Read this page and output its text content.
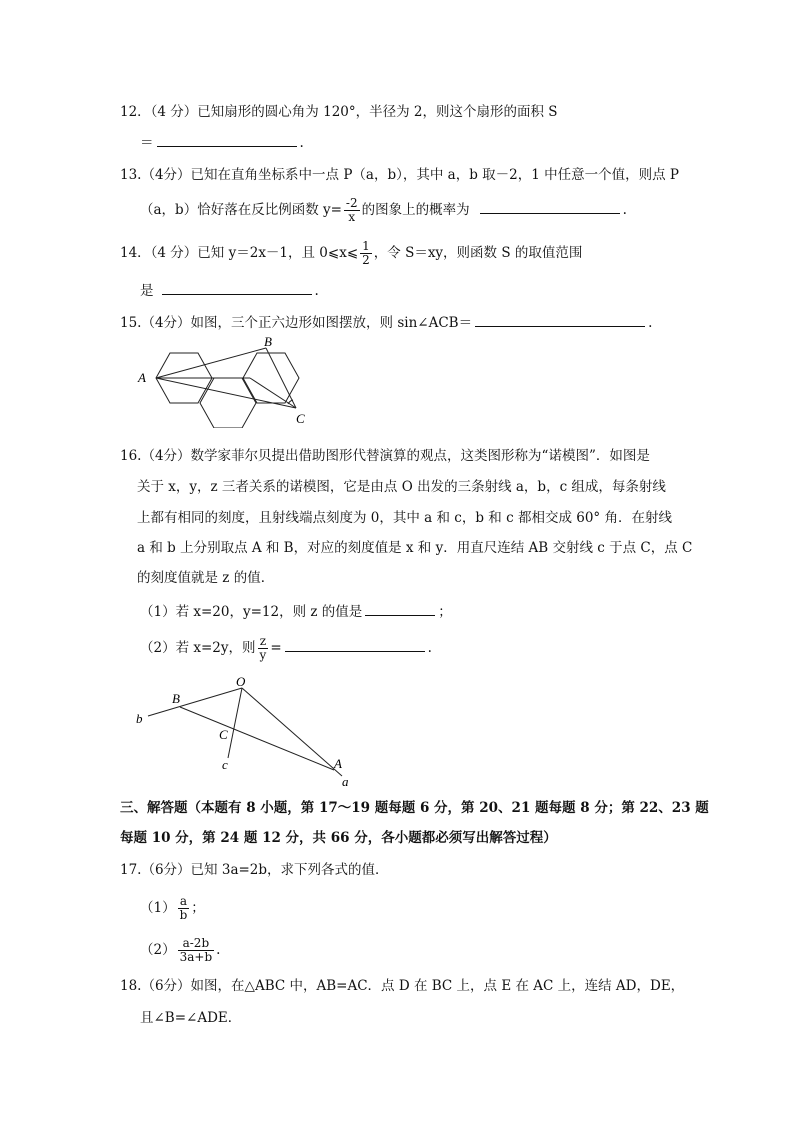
12．（4 分）已知扇形的圆心角为 120°，半径为 2，则这个扇形的面积 S
＝	.
13.（4分）已知在直角坐标系中一点 P（a，b），其中 a，b 取－2，1 中任意一个值，则点 P
（a，b）恰好落在反比例函数 $y= \frac{-2}{x}$ 的图象上的概率为	.
14．（4 分）已知 y＝2x－1，且 0⩽x⩽ $\frac{1}{2}$ ，令 S＝xy，则函数 S 的取值范围
是	.
15.（4分）如图，三个正六边形如图摆放，则 sin∠ACB＝	.
A
B
C
16.（4分）数学家菲尔贝提出借助图形代替演算的观点，这类图形称为“诺模图”．如图是
关于 x，y，z 三者关系的诺模图，它是由点 O 出发的三条射线 a，b，c 组成，每条射线
上都有相同的刻度，且射线端点刻度为 0，其中 a 和 c，b 和 c 都相交成 60° 角．在射线
a 和 b 上分别取点 A 和 B，对应的刻度值是 x 和 y．用直尺连结 AB 交射线 c 于点 C，点 C
的刻度值就是 z 的值．
（1）若 x=20，y=12，则 z 的值是	；
（2）若 x=2y，则 $\frac{z}{y}$ =	.
O
B
b
C
c	A
a
三、解答题（本题有 8 小题，第 17～19 题每题 6 分，第 20、21 题每题 8 分；第 22、23 题
每题 10 分，第 24 题 12 分，共 66 分，各小题都必须写出解答过程）
17.（6分）已知 3a=2b，求下列各式的值．
$(1) \frac{a}{b}$ ；
$(2) \frac{a-2b}{3a+b}$ .
18.（6分）如图，在△ABC 中，AB=AC．点 D 在 BC 上，点 E 在 AC 上，连结 AD，DE，
且∠B=∠ADE．
